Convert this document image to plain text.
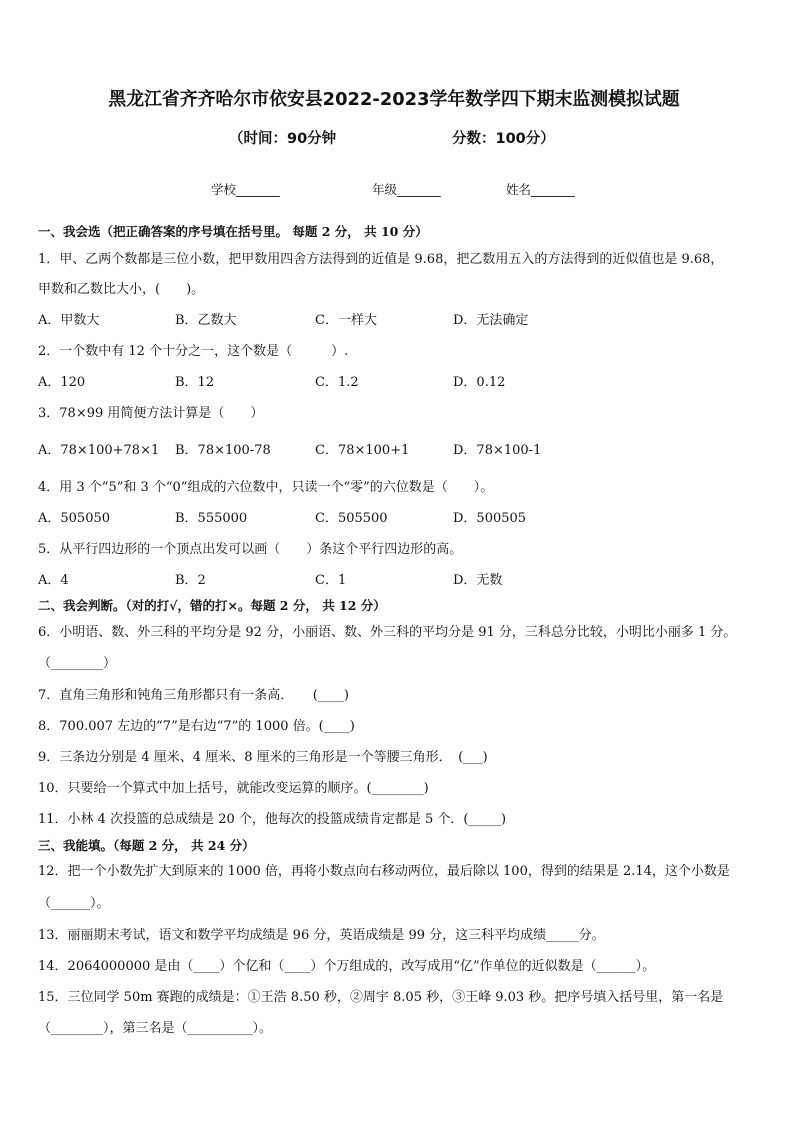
黑龙江省齐齐哈尔市依安县2022-2023学年数学四下期末监测模拟试题
（时间：90分钟	分数：100分）
学校_______	年级_______	姓名_______
一、我会选（把正确答案的序号填在括号里。 每题 2 分， 共 10 分）
1．甲、乙两个数都是三位小数，把甲数用四舍方法得到的近值是 9.68，把乙数用五入的方法得到的近似值也是 9.68，
甲数和乙数比大小，(　　)。
A．甲数大	B．乙数大	C．一样大	D．无法确定
2．一个数中有 12 个十分之一，这个数是（　　　）.
A．120	B．12	C．1.2	D．0.12
3．78×99 用简便方法计算是（　　）
A．78×100+78×1 B．78×100-78	C．78×100+1	D．78×100-1
4．用 3 个“5”和 3 个“0”组成的六位数中，只读一个“零”的六位数是（　　）。
A．505050	B．555000	C．505500	D．500505
5．从平行四边形的一个顶点出发可以画（　　）条这个平行四边形的高。
A．4	B．2	C．1	D．无数
二、我会判断。（对的打√，错的打×。每题 2 分， 共 12 分）
6．小明语、数、外三科的平均分是 92 分，小丽语、数、外三科的平均分是 91 分，三科总分比较，小明比小丽多 1 分。
（________）
7．直角三角形和钝角三角形都只有一条高．　　(____)
8．700.007 左边的“7”是右边“7”的 1000 倍。(____)
9．三条边分别是 4 厘米、4 厘米、8 厘米的三角形是一个等腰三角形．　(___)
10．只要给一个算式中加上括号，就能改变运算的顺序。(________)
11．小林 4 次投篮的总成绩是 20 个，他每次的投篮成绩肯定都是 5 个．(_____)
三、我能填。（每题 2 分， 共 24 分）
12．把一个小数先扩大到原来的 1000 倍，再将小数点向右移动两位，最后除以 100，得到的结果是 2.14，这个小数是
（______）。
13．丽丽期末考试，语文和数学平均成绩是 96 分，英语成绩是 99 分，这三科平均成绩_____分。
14．2064000000 是由（____）个亿和（____）个万组成的，改写成用“亿”作单位的近似数是（______）。
15．三位同学 50m 赛跑的成绩是：①王浩 8.50 秒，②周宇 8.05 秒，③王峰 9.03 秒。把序号填入括号里，第一名是
（________），第三名是（__________）。
